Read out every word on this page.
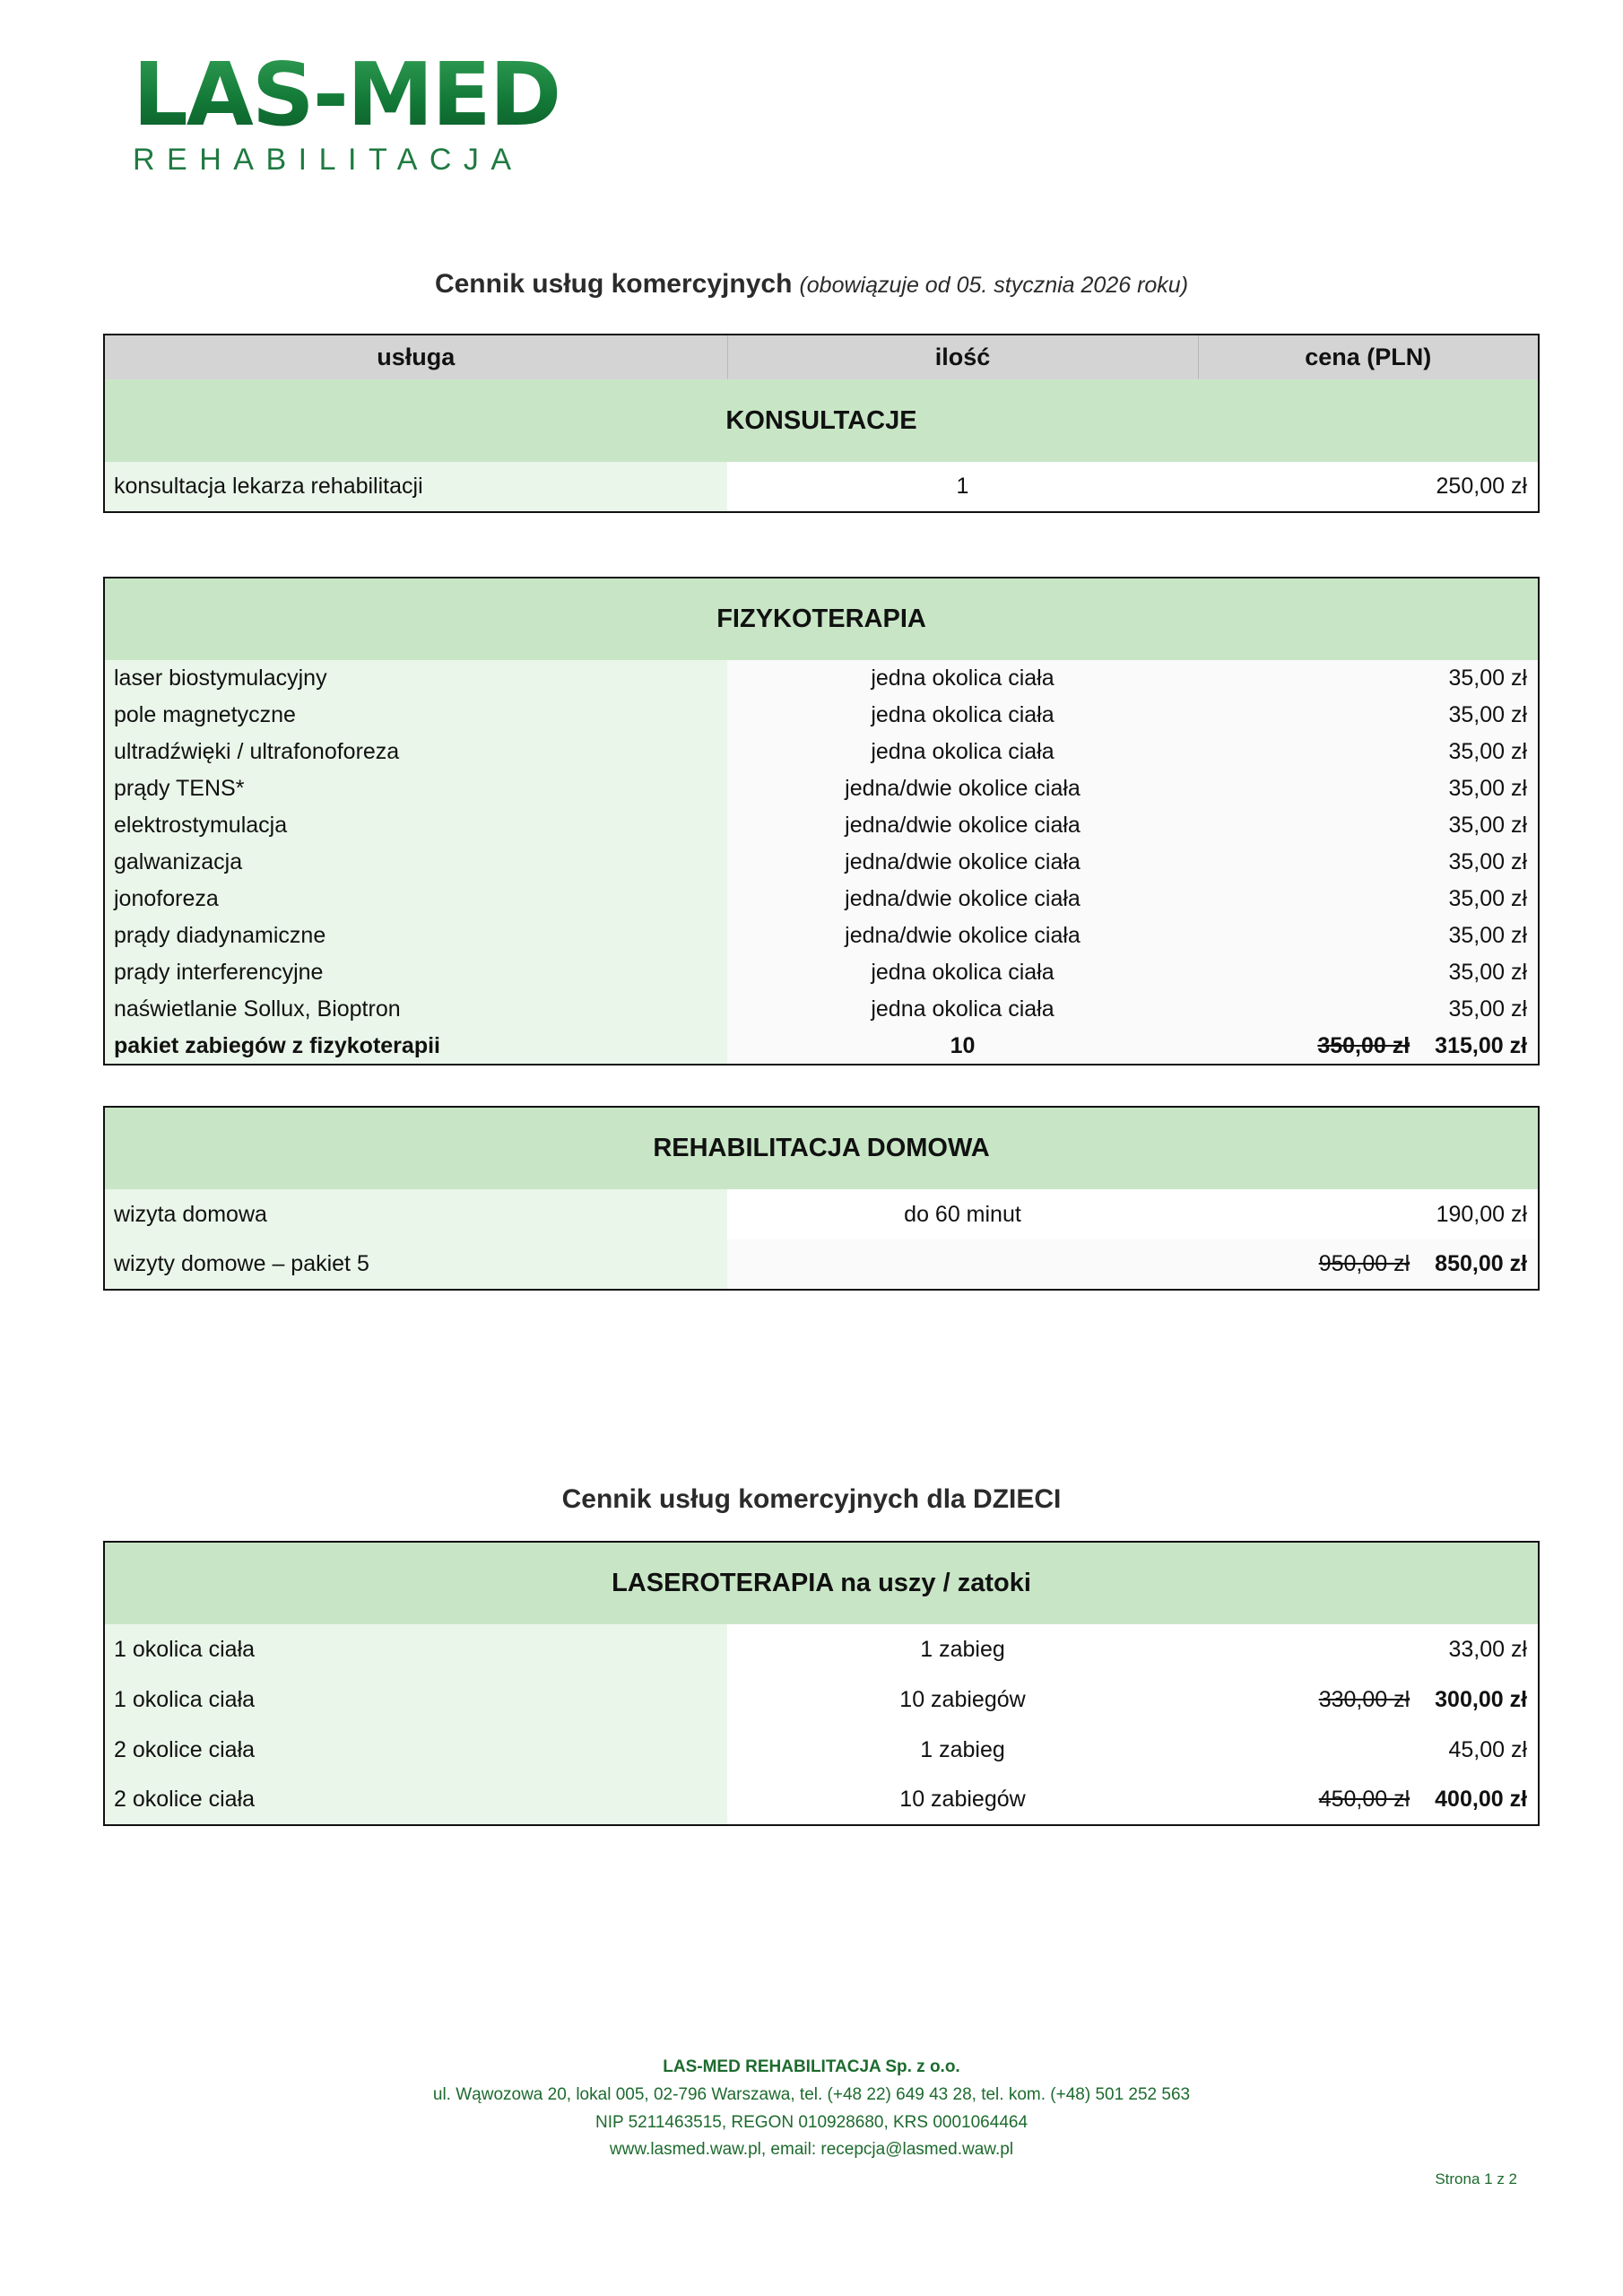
LAS-MED
REHABILITACJA
Cennik usług komercyjnych (obowiązuje od 05. stycznia 2026 roku)
usługa	ilość	cena (PLN)
KONSULTACJE		
konsultacja lekarza rehabilitacji	1	250,00 zł
FIZYKOTERAPIA		
laser biostymulacyjny	jedna okolica ciała	35,00 zł
pole magnetyczne	jedna okolica ciała	35,00 zł
ultradźwięki / ultrafonoforeza	jedna okolica ciała	35,00 zł
prądy TENS*	jedna/dwie okolice ciała	35,00 zł
elektrostymulacja	jedna/dwie okolice ciała	35,00 zł
galwanizacja	jedna/dwie okolice ciała	35,00 zł
jonoforeza	jedna/dwie okolice ciała	35,00 zł
prądy diadynamiczne	jedna/dwie okolice ciała	35,00 zł
prądy interferencyjne	jedna okolica ciała	35,00 zł
naświetlanie Sollux, Bioptron	jedna okolica ciała	35,00 zł
pakiet zabiegów z fizykoterapii	10	350,00 zł 315,00 zł
REHABILITACJA DOMOWA		
wizyta domowa	do 60 minut	190,00 zł
wizyty domowe – pakiet 5		950,00 zł 850,00 zł
Cennik usług komercyjnych dla DZIECI
LASEROTERAPIA na uszy / zatoki		
1 okolica ciała	1 zabieg	33,00 zł
1 okolica ciała	10 zabiegów	330,00 zł 300,00 zł

2 okolice ciała	1 zabieg	45,00 zł
2 okolice ciała	10 zabiegów	450,00 zł 400,00 zł
LAS-MED REHABILITACJA Sp. z o.o.
ul. Wąwozowa 20, lokal 005, 02-796 Warszawa, tel. (+48 22) 649 43 28, tel. kom. (+48) 501 252 563
NIP 5211463515, REGON 010928680, KRS 0001064464
www.lasmed.waw.pl, email: recepcja@lasmed.waw.pl
Strona 1 z 2
